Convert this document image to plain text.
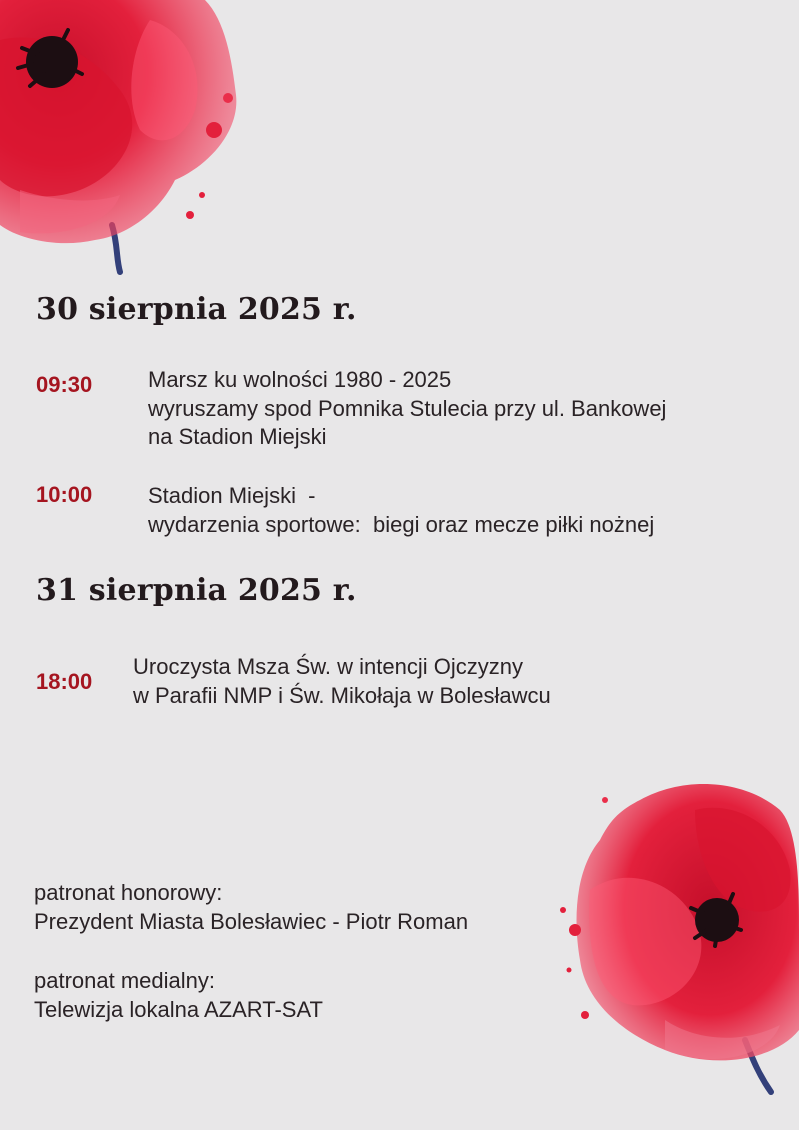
30 sierpnia 2025 r.
09:30	Marsz ku wolności 1980 - 2025
wyruszamy spod Pomnika Stulecia przy ul. Bankowej
na Stadion Miejski
10:00	Stadion Miejski  -
wydarzenia sportowe:  biegi oraz mecze piłki nożnej
31 sierpnia 2025 r.
18:00
Uroczysta Msza Św. w intencji Ojczyzny
w Parafii NMP i Św. Mikołaja w Bolesławcu
patronat honorowy:
Prezydent Miasta Bolesławiec - Piotr Roman
patronat medialny:
Telewizja lokalna AZART-SAT
